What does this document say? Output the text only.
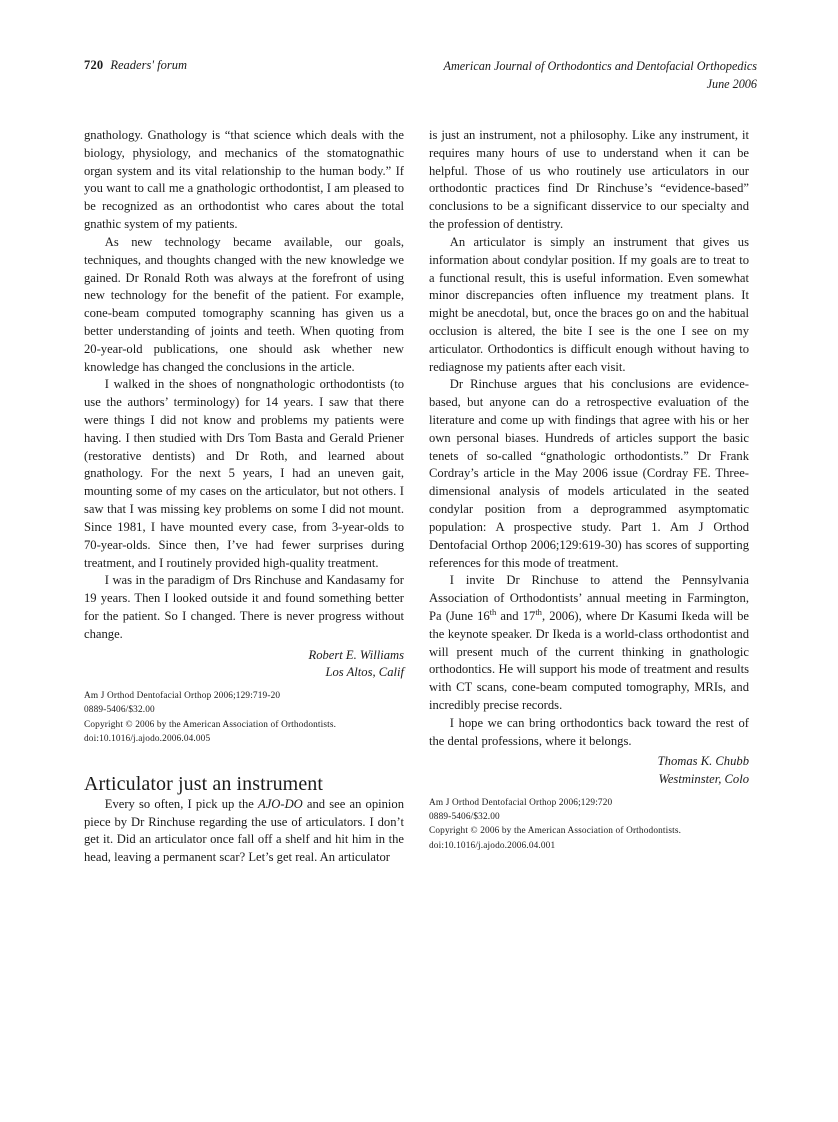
720 Readers' forum	American Journal of Orthodontics and Dentofacial Orthopedics
June 2006

gnathology. Gnathology is “that science which deals with the biology, physiology, and mechanics of the stomatognathic organ system and its vital relationship to the human body.” If you want to call me a gnathologic orthodontist, I am pleased to be recognized as an orthodontist who cares about the total gnathic system of my patients.

As new technology became available, our goals, techniques, and thoughts changed with the new knowledge we gained. Dr Ronald Roth was always at the forefront of using new technology for the benefit of the patient. For example, cone-beam computed tomography scanning has given us a better understanding of joints and teeth. When quoting from 20-year-old publications, one should ask whether new knowledge has changed the conclusions in the article.

I walked in the shoes of nongnathologic orthodontists (to use the authors’ terminology) for 14 years. I saw that there were things I did not know and problems my patients were having. I then studied with Drs Tom Basta and Gerald Priener (restorative dentists) and Dr Roth, and learned about gnathology. For the next 5 years, I had an uneven gait, mounting some of my cases on the articulator, but not others. I saw that I was missing key problems on some I did not mount. Since 1981, I have mounted every case, from 3-year-olds to 70-year-olds. Since then, I’ve had fewer surprises during treatment, and I routinely provided high-quality treatment.

I was in the paradigm of Drs Rinchuse and Kandasamy for 19 years. Then I looked outside it and found something better for the patient. So I changed. There is never progress without change.

Robert E. Williams
Los Altos, Calif
Am J Orthod Dentofacial Orthop 2006;129:719-20
0889-5406/$32.00
Copyright © 2006 by the American Association of Orthodontists.
doi:10.1016/j.ajodo.2006.04.005
Articulator just an instrument

Every so often, I pick up the AJO-DO and see an opinion piece by Dr Rinchuse regarding the use of articulators. I don’t get it. Did an articulator once fall off a shelf and hit him in the head, leaving a permanent scar? Let’s get real. An articulator

is just an instrument, not a philosophy. Like any instrument, it requires many hours of use to understand when it can be helpful. Those of us who routinely use articulators in our orthodontic practices find Dr Rinchuse’s “evidence-based” conclusions to be a significant disservice to our specialty and the profession of dentistry.

An articulator is simply an instrument that gives us information about condylar position. If my goals are to treat to a functional result, this is useful information. Even somewhat minor discrepancies often influence my treatment plans. It might be anecdotal, but, once the braces go on and the habitual occlusion is altered, the bite I see is the one I see on my articulator. Orthodontics is difficult enough without having to rediagnose my patients after each visit.

Dr Rinchuse argues that his conclusions are evidence-based, but anyone can do a retrospective evaluation of the literature and come up with findings that agree with his or her own personal biases. Hundreds of articles support the basic tenets of so-called “gnathologic orthodontists.” Dr Frank Cordray’s article in the May 2006 issue (Cordray FE. Three-dimensional analysis of models articulated in the seated condylar position from a deprogrammed asymptomatic population: A prospective study. Part 1. Am J Orthod Dentofacial Orthop 2006;129:619-30) has scores of supporting references for this mode of treatment.

I invite Dr Rinchuse to attend the Pennsylvania Association of Orthodontists’ annual meeting in Farmington, Pa (June 16th and 17th, 2006), where Dr Kasumi Ikeda will be the keynote speaker. Dr Ikeda is a world-class orthodontist and will present much of the current thinking in gnathologic orthodontics. He will support his mode of treatment and results with CT scans, cone-beam computed tomography, MRIs, and incredibly precise records.

I hope we can bring orthodontics back toward the rest of the dental professions, where it belongs.

Thomas K. Chubb
Westminster, Colo
Am J Orthod Dentofacial Orthop 2006;129:720
0889-5406/$32.00
Copyright © 2006 by the American Association of Orthodontists.
doi:10.1016/j.ajodo.2006.04.001
